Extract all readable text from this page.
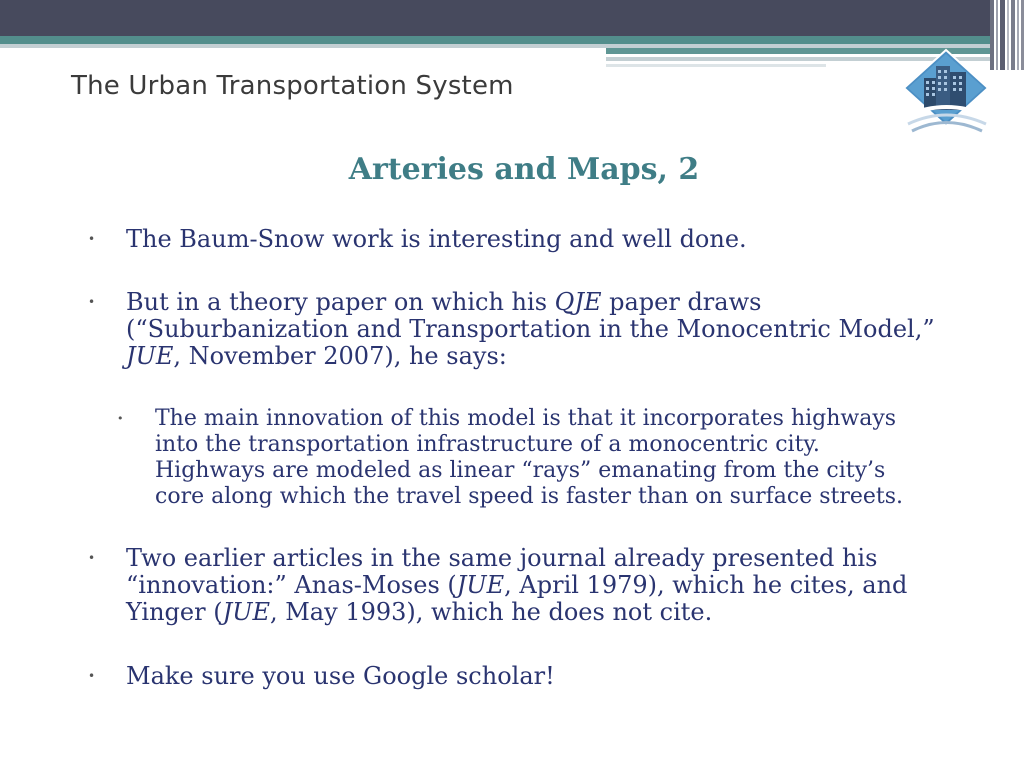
The Urban Transportation System
Arteries and Maps, 2
• The Baum-Snow work is interesting and well done.
• But in a theory paper on which his QJE paper draws
(“Suburbanization and Transportation in the Monocentric Model,”
JUE, November 2007), he says:
• The main innovation of this model is that it incorporates highways
into the transportation infrastructure of a monocentric city.
Highways are modeled as linear “rays” emanating from the city’s
core along which the travel speed is faster than on surface streets.
• Two earlier articles in the same journal already presented his
“innovation:” Anas-Moses (JUE, April 1979), which he cites, and
Yinger (JUE, May 1993), which he does not cite.
• Make sure you use Google scholar!
